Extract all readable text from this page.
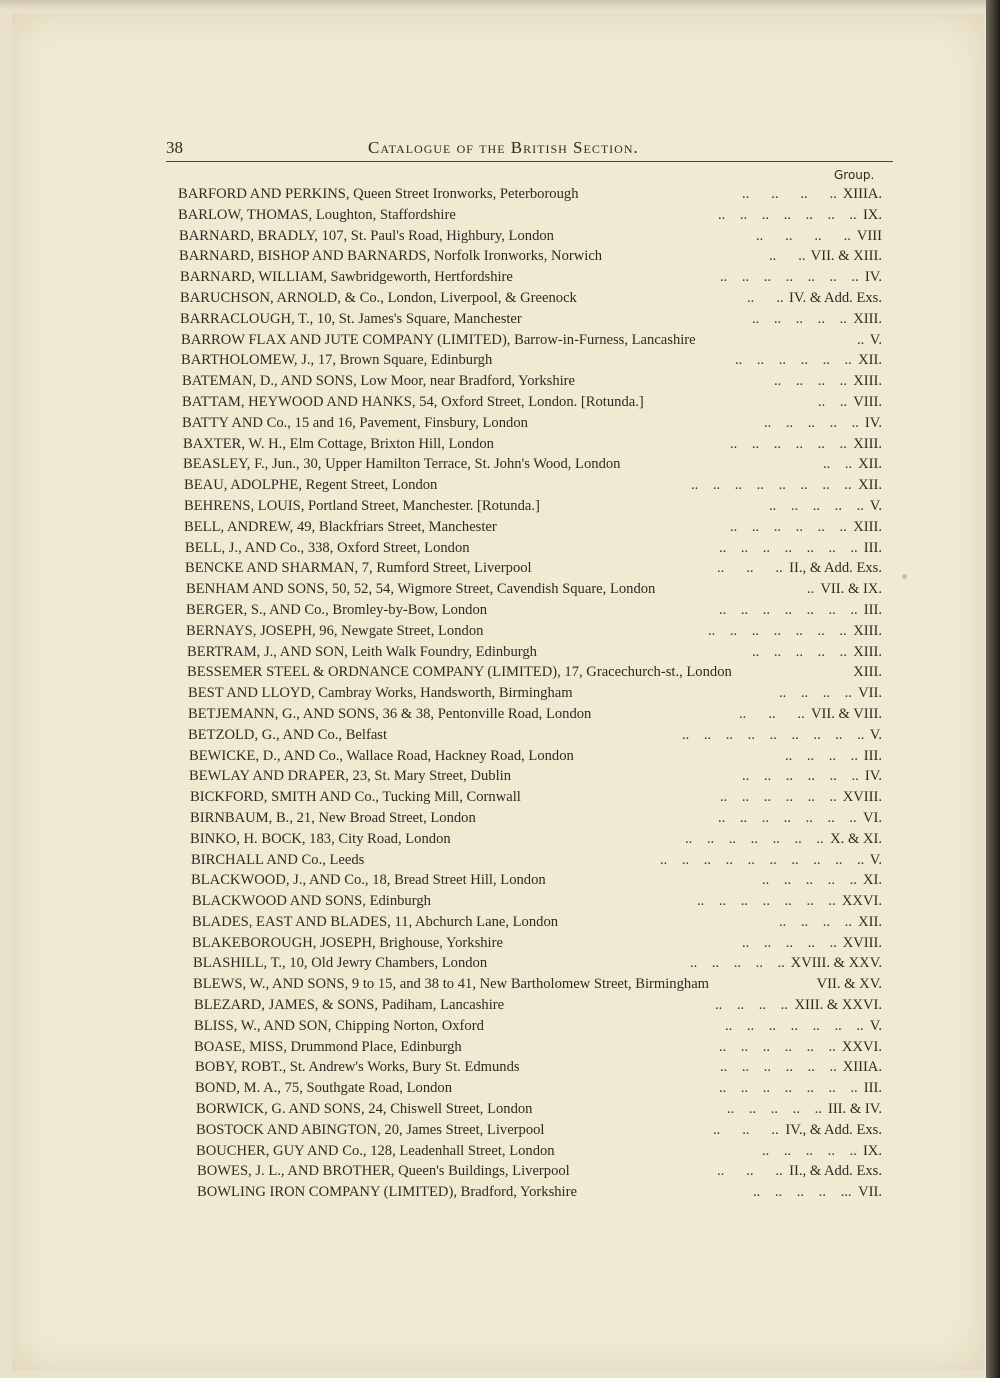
38	Catalogue of the British Section.
Group.
BARFORD AND PERKINS, Queen Street Ironworks, Peterborough	XIIIA.
..      ..      ..      ..
BARLOW, THOMAS, Loughton, Staffordshire	IX.
..    ..    ..    ..    ..    ..    ..
BARNARD, BRADLY, 107, St. Paul's Road, Highbury, London	VIII
..      ..      ..      ..
BARNARD, BISHOP AND BARNARDS, Norfolk Ironworks, Norwich	VII. & XIII.
..      ..
BARNARD, WILLIAM, Sawbridgeworth, Hertfordshire	IV.
..    ..    ..    ..    ..    ..    ..
BARUCHSON, ARNOLD, & Co., London, Liverpool, & Greenock	IV. & Add. Exs.
..      ..
BARRACLOUGH, T., 10, St. James's Square, Manchester	XIII.
..    ..    ..    ..    ..
BARROW FLAX AND JUTE COMPANY (LIMITED), Barrow-in-Furness, Lancashire	V.
..
BARTHOLOMEW, J., 17, Brown Square, Edinburgh	XII.
..    ..    ..    ..    ..    ..
BATEMAN, D., AND SONS, Low Moor, near Bradford, Yorkshire	XIII.
..    ..    ..    ..
BATTAM, HEYWOOD AND HANKS, 54, Oxford Street, London. [Rotunda.]	VIII.
..    ..
BATTY AND Co., 15 and 16, Pavement, Finsbury, London	IV.
..    ..    ..    ..    ..
BAXTER, W. H., Elm Cottage, Brixton Hill, London	XIII.
..    ..    ..    ..    ..    ..
BEASLEY, F., Jun., 30, Upper Hamilton Terrace, St. John's Wood, London	XII.
..    ..
BEAU, ADOLPHE, Regent Street, London	XII.
..    ..    ..    ..    ..    ..    ..    ..
BEHRENS, LOUIS, Portland Street, Manchester. [Rotunda.]	V.
..    ..    ..    ..    ..
BELL, ANDREW, 49, Blackfriars Street, Manchester	XIII.
..    ..    ..    ..    ..    ..
BELL, J., AND Co., 338, Oxford Street, London	III.
..    ..    ..    ..    ..    ..    ..
BENCKE AND SHARMAN, 7, Rumford Street, Liverpool	II., & Add. Exs.
..      ..      ..
BENHAM AND SONS, 50, 52, 54, Wigmore Street, Cavendish Square, London	VII. & IX.
..
BERGER, S., AND Co., Bromley-by-Bow, London	III.
..    ..    ..    ..    ..    ..    ..
BERNAYS, JOSEPH, 96, Newgate Street, London	XIII.
..    ..    ..    ..    ..    ..    ..
BERTRAM, J., AND SON, Leith Walk Foundry, Edinburgh	XIII.
..    ..    ..    ..    ..
BESSEMER STEEL & ORDNANCE COMPANY (LIMITED), 17, Gracechurch-st., London	XIII.
BEST AND LLOYD, Cambray Works, Handsworth, Birmingham	VII.
..    ..    ..    ..
BETJEMANN, G., AND SONS, 36 & 38, Pentonville Road, London	VII. & VIII.
..      ..      ..
BETZOLD, G., AND Co., Belfast	V.
..    ..    ..    ..    ..    ..    ..    ..    ..
BEWICKE, D., AND Co., Wallace Road, Hackney Road, London	III.
..    ..    ..    ..
BEWLAY AND DRAPER, 23, St. Mary Street, Dublin	IV.
..    ..    ..    ..    ..    ..
BICKFORD, SMITH AND Co., Tucking Mill, Cornwall	XVIII.
..    ..    ..    ..    ..    ..
BIRNBAUM, B., 21, New Broad Street, London	VI.
..    ..    ..    ..    ..    ..    ..
BINKO, H. BOCK, 183, City Road, London	X. & XI.
..    ..    ..    ..    ..    ..    ..
BIRCHALL AND Co., Leeds	V.
..    ..    ..    ..    ..    ..    ..    ..    ..    ..
BLACKWOOD, J., AND Co., 18, Bread Street Hill, London	XI.
..    ..    ..    ..    ..
BLACKWOOD AND SONS, Edinburgh	XXVI.
..    ..    ..    ..    ..    ..    ..
BLADES, EAST AND BLADES, 11, Abchurch Lane, London	XII.
..    ..    ..    ..
BLAKEBOROUGH, JOSEPH, Brighouse, Yorkshire	XVIII.
..    ..    ..    ..    ..
BLASHILL, T., 10, Old Jewry Chambers, London	XVIII. & XXV.
..    ..    ..    ..    ..
BLEWS, W., AND SONS, 9 to 15, and 38 to 41, New Bartholomew Street, Birmingham	VII. & XV.
BLEZARD, JAMES, & SONS, Padiham, Lancashire	XIII. & XXVI.
..    ..    ..    ..
BLISS, W., AND SON, Chipping Norton, Oxford	V.
..    ..    ..    ..    ..    ..    ..
BOASE, MISS, Drummond Place, Edinburgh	XXVI.
..    ..    ..    ..    ..    ..
BOBY, ROBT., St. Andrew's Works, Bury St. Edmunds	XIIIA.
..    ..    ..    ..    ..    ..
BOND, M. A., 75, Southgate Road, London	III.
..    ..    ..    ..    ..    ..    ..
BORWICK, G. AND SONS, 24, Chiswell Street, London	III. & IV.
..    ..    ..    ..    ..
BOSTOCK AND ABINGTON, 20, James Street, Liverpool	IV., & Add. Exs.
..      ..      ..
BOUCHER, GUY AND Co., 128, Leadenhall Street, London	IX.
..    ..    ..    ..    ..
BOWES, J. L., AND BROTHER, Queen's Buildings, Liverpool	II., & Add. Exs.
..      ..      ..
BOWLING IRON COMPANY (LIMITED), Bradford, Yorkshire	VII.
..    ..    ..    ..    ...
